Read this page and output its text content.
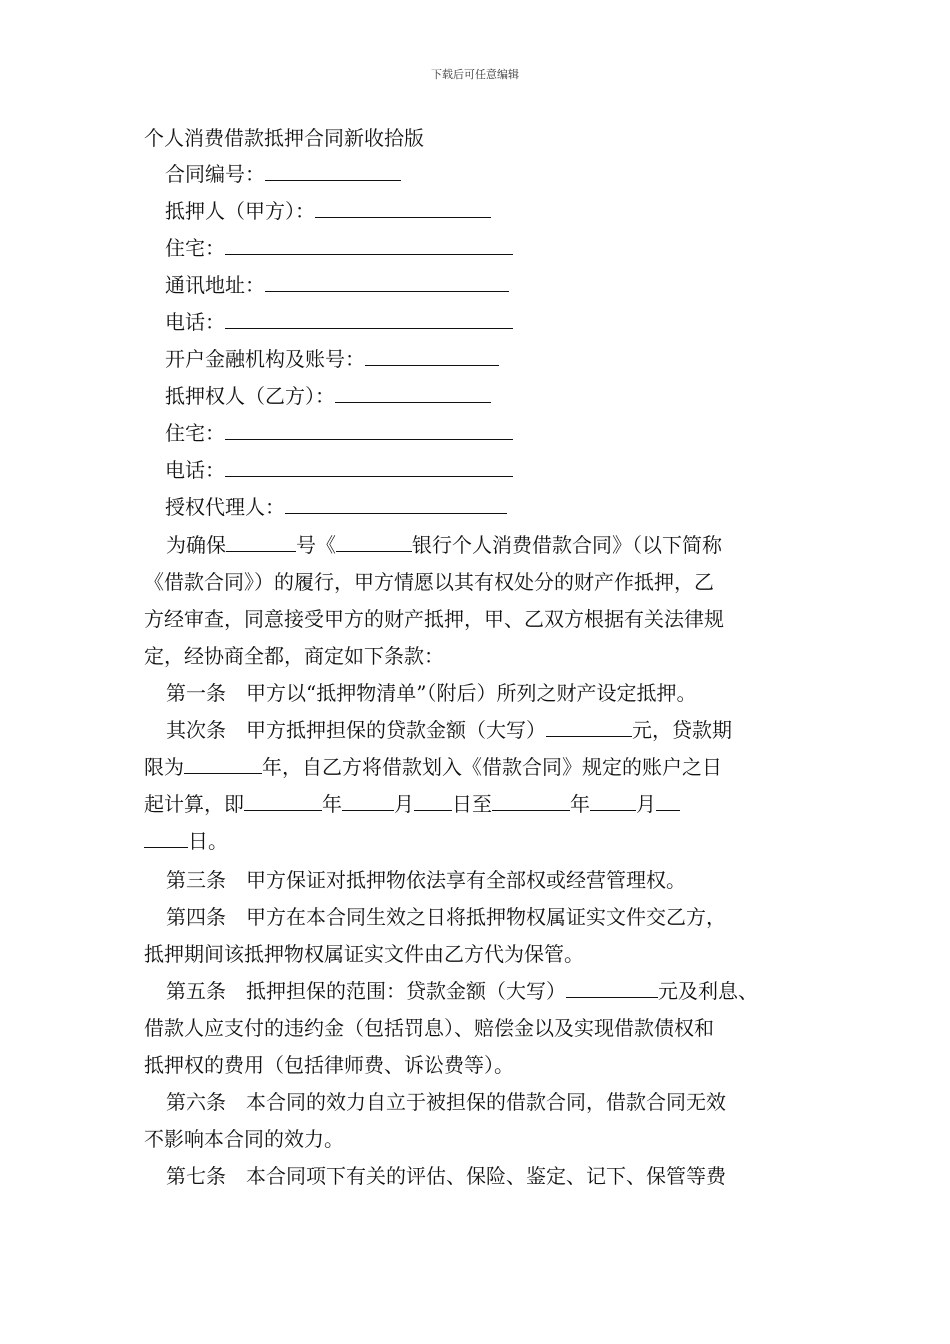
下载后可任意编辑
个人消费借款抵押合同新收拾版
合同编号：
抵押人（甲方）：
住宅：
通讯地址：
电话：
开户金融机构及账号：
抵押权人（乙方）：
住宅：
电话：
授权代理人：
为确保	号《	银行个人消费借款合同》（以下简称
《借款合同》）的履行，甲方情愿以其有权处分的财产作抵押，乙
方经审查，同意接受甲方的财产抵押，甲、乙双方根据有关法律规
定，经协商全都，商定如下条款：
第一条　甲方以“抵押物清单”（附后）所列之财产设定抵押。
其次条　甲方抵押担保的贷款金额（大写）	元，贷款期
限为	年，自乙方将借款划入《借款合同》规定的账户之日
起计算，即	年	月 日至	年 月
日。
第三条　甲方保证对抵押物依法享有全部权或经营管理权。
第四条　甲方在本合同生效之日将抵押物权属证实文件交乙方，
抵押期间该抵押物权属证实文件由乙方代为保管。
第五条　抵押担保的范围：贷款金额（大写）	元及利息、
借款人应支付的违约金（包括罚息）、赔偿金以及实现借款债权和
抵押权的费用（包括律师费、诉讼费等）。
第六条　本合同的效力自立于被担保的借款合同，借款合同无效
不影响本合同的效力。
第七条　本合同项下有关的评估、保险、鉴定、记下、保管等费
